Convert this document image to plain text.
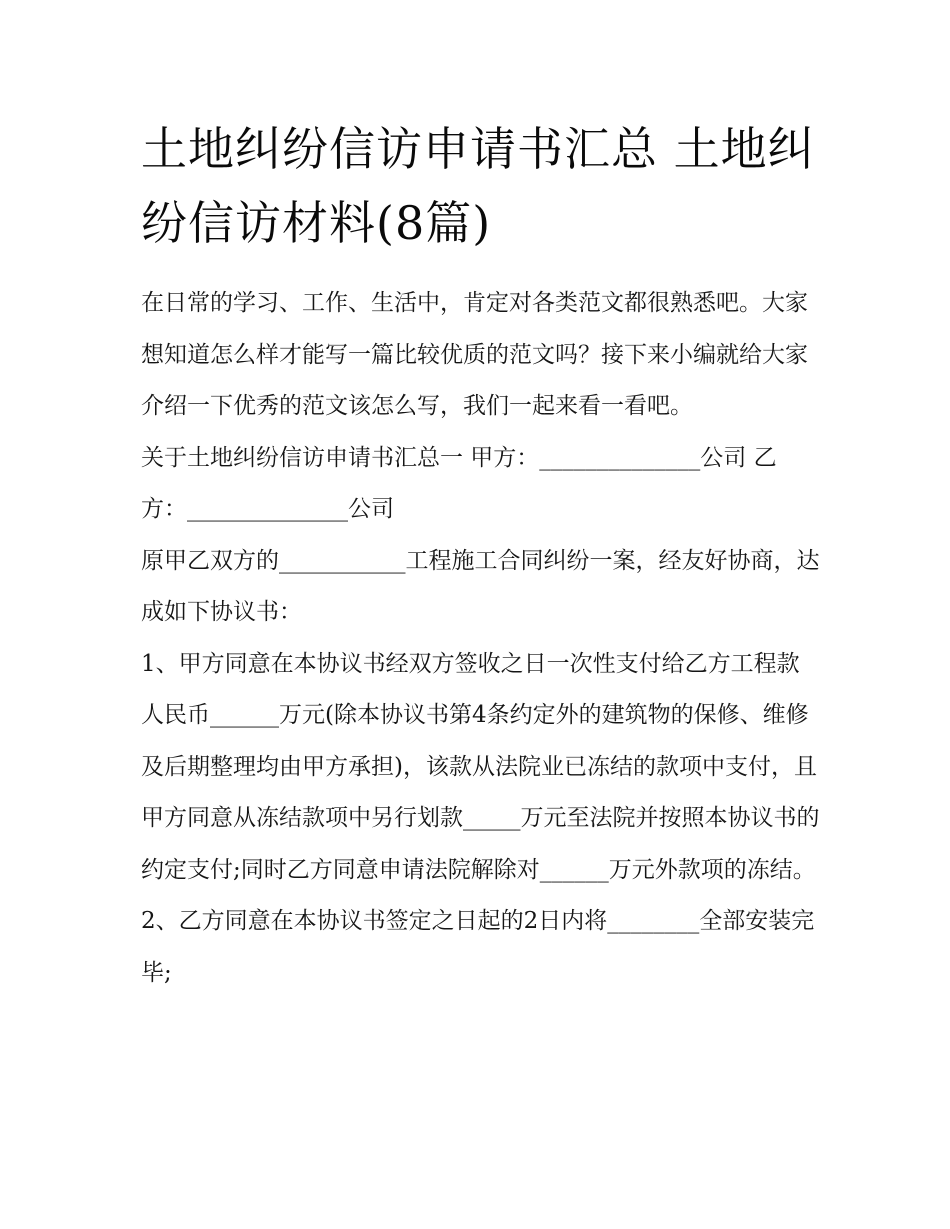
土地纠纷信访申请书汇总 土地纠纷信访材料(8篇)

在日常的学习、工作、生活中，肯定对各类范文都很熟悉吧。大家想知道怎么样才能写一篇比较优质的范文吗？接下来小编就给大家介绍一下优秀的范文该怎么写，我们一起来看一看吧。

关于土地纠纷信访申请书汇总一 甲方：______________公司 乙方：______________公司

原甲乙双方的___________工程施工合同纠纷一案，经友好协商，达成如下协议书：

1、甲方同意在本协议书经双方签收之日一次性支付给乙方工程款人民币______万元(除本协议书第4条约定外的建筑物的保修、维修及后期整理均由甲方承担)，该款从法院业已冻结的款项中支付，且甲方同意从冻结款项中另行划款_____万元至法院并按照本协议书的约定支付;同时乙方同意申请法院解除对______万元外款项的冻结。

2、乙方同意在本协议书签定之日起的2日内将________全部安装完毕;
